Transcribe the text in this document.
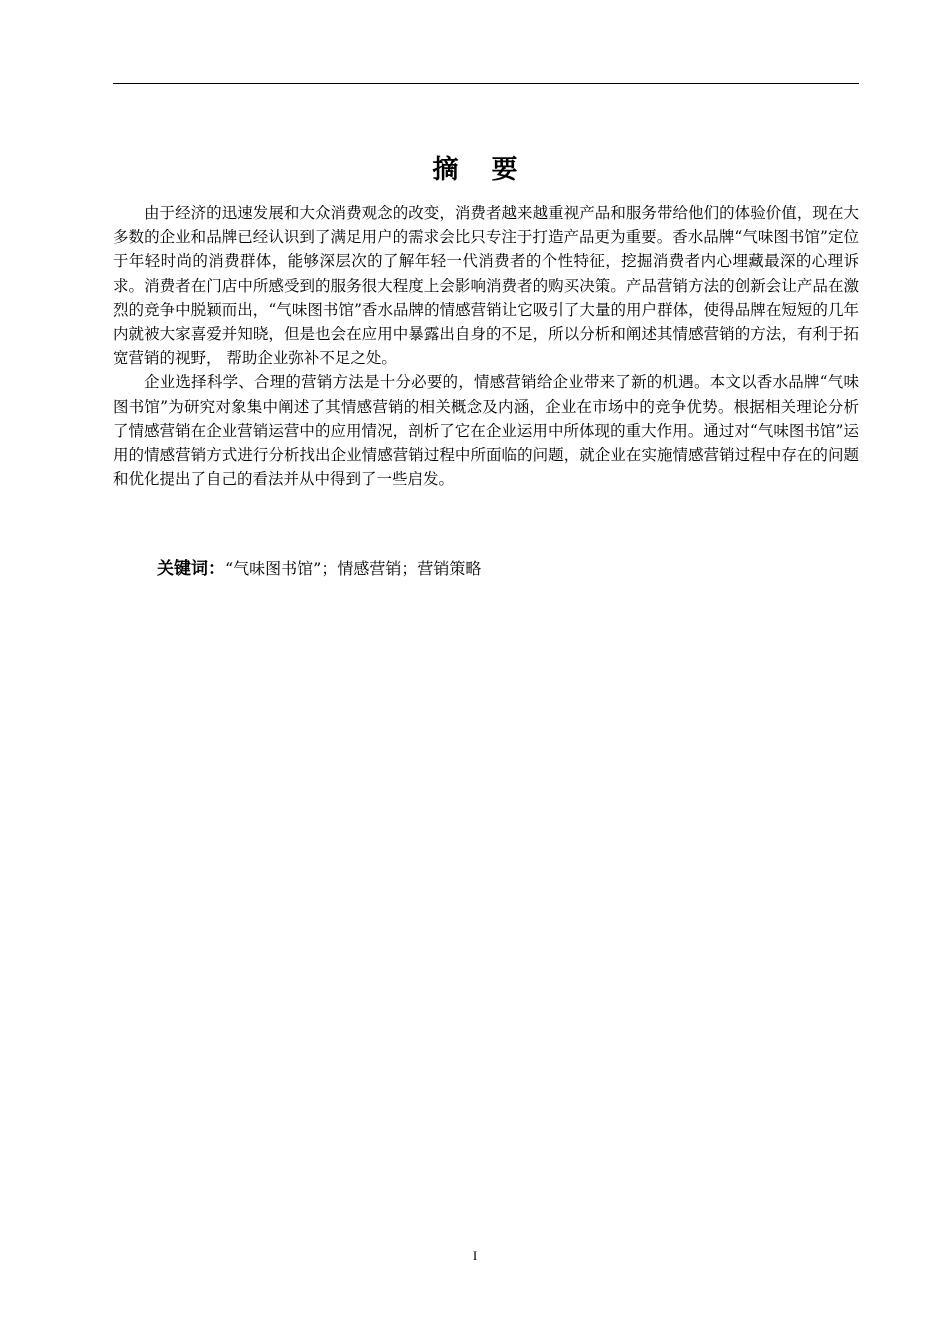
摘 要

由于经济的迅速发展和大众消费观念的改变，消费者越来越重视产品和服务带给他们的体验价值，现在大多数的企业和品牌已经认识到了满足用户的需求会比只专注于打造产品更为重要。香水品牌“气味图书馆”定位于年轻时尚的消费群体，能够深层次的了解年轻一代消费者的个性特征，挖掘消费者内心埋藏最深的心理诉求。消费者在门店中所感受到的服务很大程度上会影响消费者的购买决策。产品营销方法的创新会让产品在激烈的竞争中脱颖而出，“气味图书馆”香水品牌的情感营销让它吸引了大量的用户群体，使得品牌在短短的几年内就被大家喜爱并知晓，但是也会在应用中暴露出自身的不足，所以分析和阐述其情感营销的方法，有利于拓宽营销的视野， 帮助企业弥补不足之处。

企业选择科学、合理的营销方法是十分必要的，情感营销给企业带来了新的机遇。本文以香水品牌“气味图书馆”为研究对象集中阐述了其情感营销的相关概念及内涵，企业在市场中的竞争优势。根据相关理论分析了情感营销在企业营销运营中的应用情况，剖析了它在企业运用中所体现的重大作用。通过对“气味图书馆”运用的情感营销方式进行分析找出企业情感营销过程中所面临的问题，就企业在实施情感营销过程中存在的问题和优化提出了自己的看法并从中得到了一些启发。

关键词：“气味图书馆”；情感营销；营销策略
I
